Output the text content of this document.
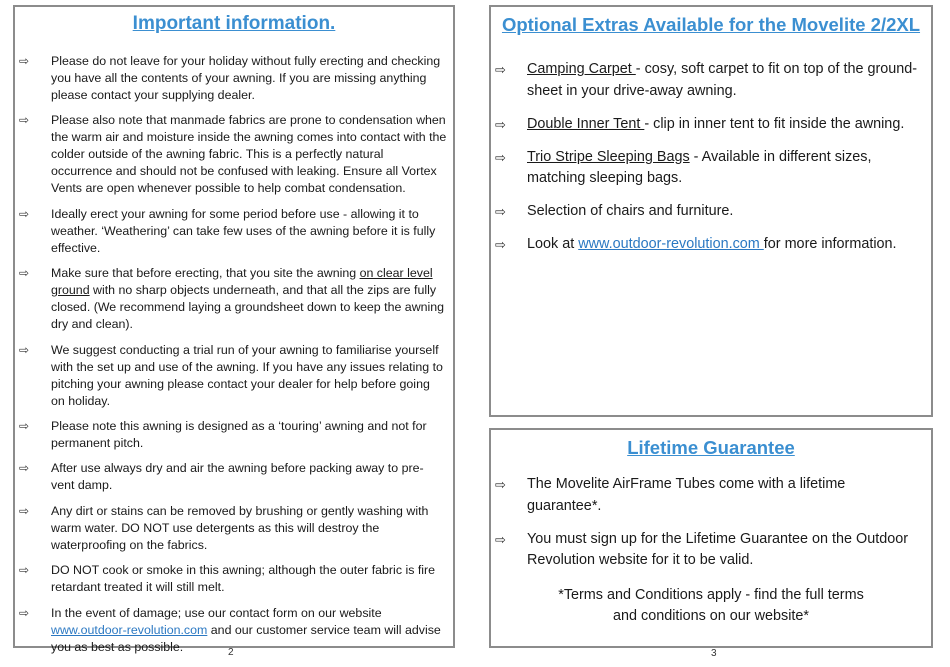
Important information.
⇨ Please do not leave for your holiday without fully erecting and checking you have all the contents of your awning. If you are missing anything please contact your supplying dealer.
⇨ Please also note that manmade fabrics are prone to condensation when the warm air and moisture inside the awning comes into contact with the colder outside of the awning fabric. This is a perfectly natural occurrence and should not be confused with leaking. Ensure all Vortex Vents are open whenever possible to help combat condensation.
⇨ Ideally erect your awning for some period before use - allowing it to weather. ‘Weathering’ can take few uses of the awning before it is fully effective.
⇨ Make sure that before erecting, that you site the awning on clear level ground with no sharp objects underneath, and that all the zips are fully closed. (We recommend laying a groundsheet down to keep the awning dry and clean).
⇨ We suggest conducting a trial run of your awning to familiarise yourself with the set up and use of the awning. If you have any issues relating to pitching your awning please contact your dealer for help before going on holiday.
⇨ Please note this awning is designed as a ‘touring’ awning and not for permanent pitch.
⇨ After use always dry and air the awning before packing away to pre-vent damp.
⇨ Any dirt or stains can be removed by brushing or gently washing with warm water. DO NOT use detergents as this will destroy the waterproofing on the fabrics.
⇨ DO NOT cook or smoke in this awning; although the outer fabric is fire retardant treated it will still melt.
⇨ In the event of damage; use our contact form on our website www.outdoor-revolution.com and our customer service team will advise you as best as possible.	2
Optional Extras Available for the Movelite 2/2XL
⇨ Camping Carpet - cosy, soft carpet to fit on top of the ground-sheet in your drive-away awning.
⇨ Double Inner Tent - clip in inner tent to fit inside the awning.
⇨ Trio Stripe Sleeping Bags - Available in different sizes, matching sleeping bags.
⇨ Selection of chairs and furniture.
⇨ Look at www.outdoor-revolution.com for more information.
Lifetime Guarantee
⇨ The Movelite AirFrame Tubes come with a lifetime guarantee*.
⇨ You must sign up for the Lifetime Guarantee on the Outdoor Revolution website for it to be valid.
*Terms and Conditions apply - find the full terms
and conditions on our website*
3
